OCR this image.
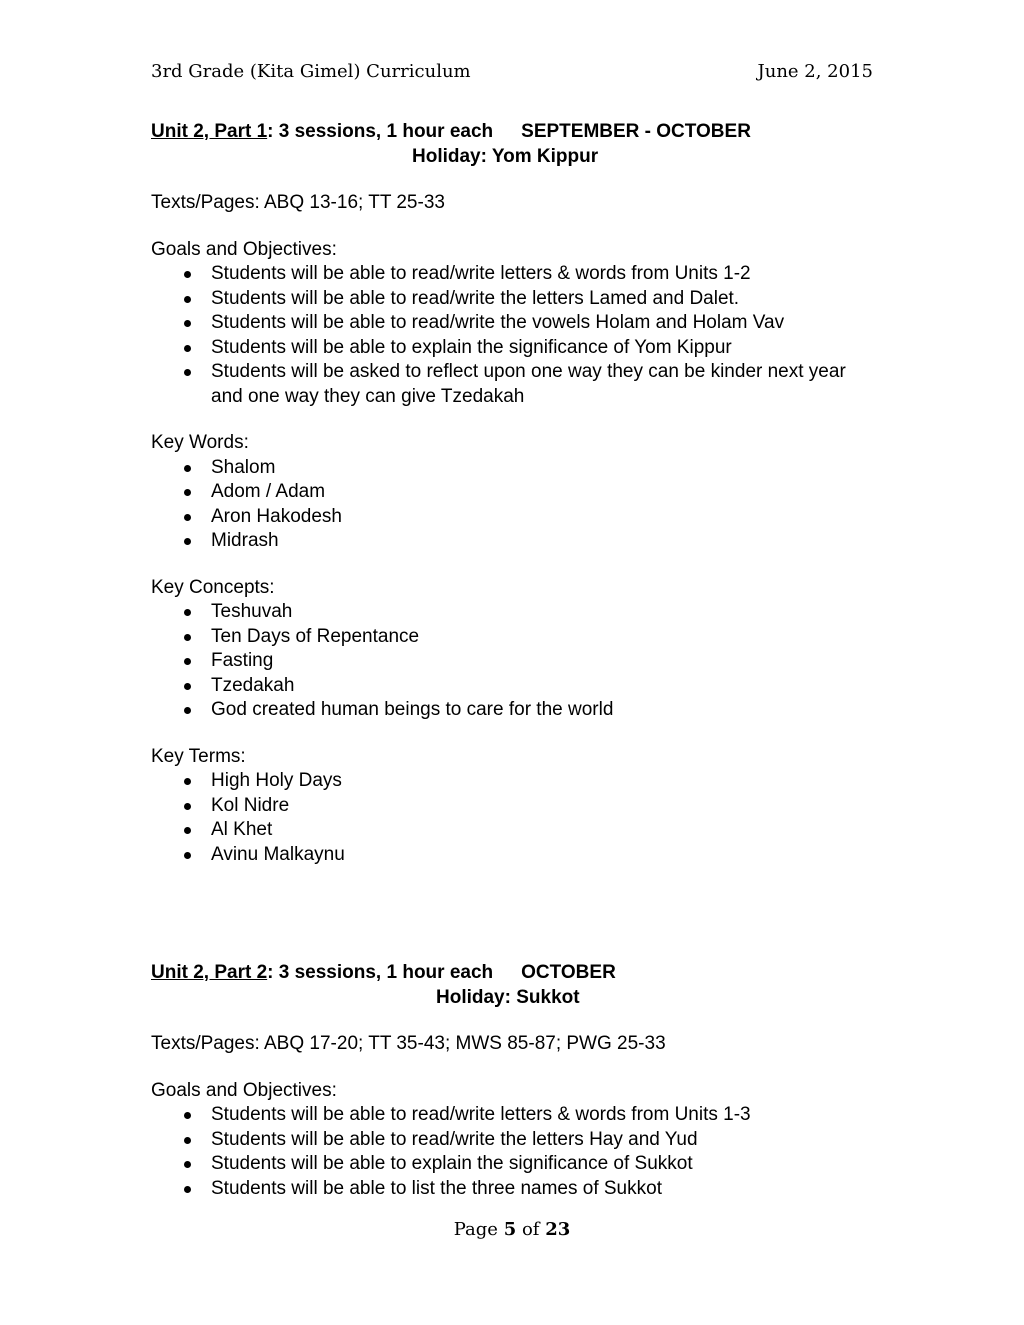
3rd Grade (Kita Gimel) Curriculum	June 2, 2015

Unit 2, Part 1: 3 sessions, 1 hour each SEPTEMBER - OCTOBER

Holiday: Yom Kippur

Texts/Pages: ABQ 13-16; TT 25-33

Goals and Objectives:

Students will be able to read/write letters & words from Units 1-2
Students will be able to read/write the letters Lamed and Dalet.
Students will be able to read/write the vowels Holam and Holam Vav
Students will be able to explain the significance of Yom Kippur
Students will be asked to reflect upon one way they can be kinder next year and one way they can give Tzedakah

Key Words:

Shalom
Adom / Adam
Aron Hakodesh
Midrash

Key Concepts:

Teshuvah
Ten Days of Repentance
Fasting
Tzedakah
God created human beings to care for the world

Key Terms:

High Holy Days
Kol Nidre
Al Khet
Avinu Malkaynu

Unit 2, Part 2: 3 sessions, 1 hour each OCTOBER

Holiday: Sukkot

Texts/Pages: ABQ 17-20; TT 35-43; MWS 85-87; PWG 25-33

Goals and Objectives:

Students will be able to read/write letters & words from Units 1-3
Students will be able to read/write the letters Hay and Yud
Students will be able to explain the significance of Sukkot
Students will be able to list the three names of Sukkot
Page 5 of 23
